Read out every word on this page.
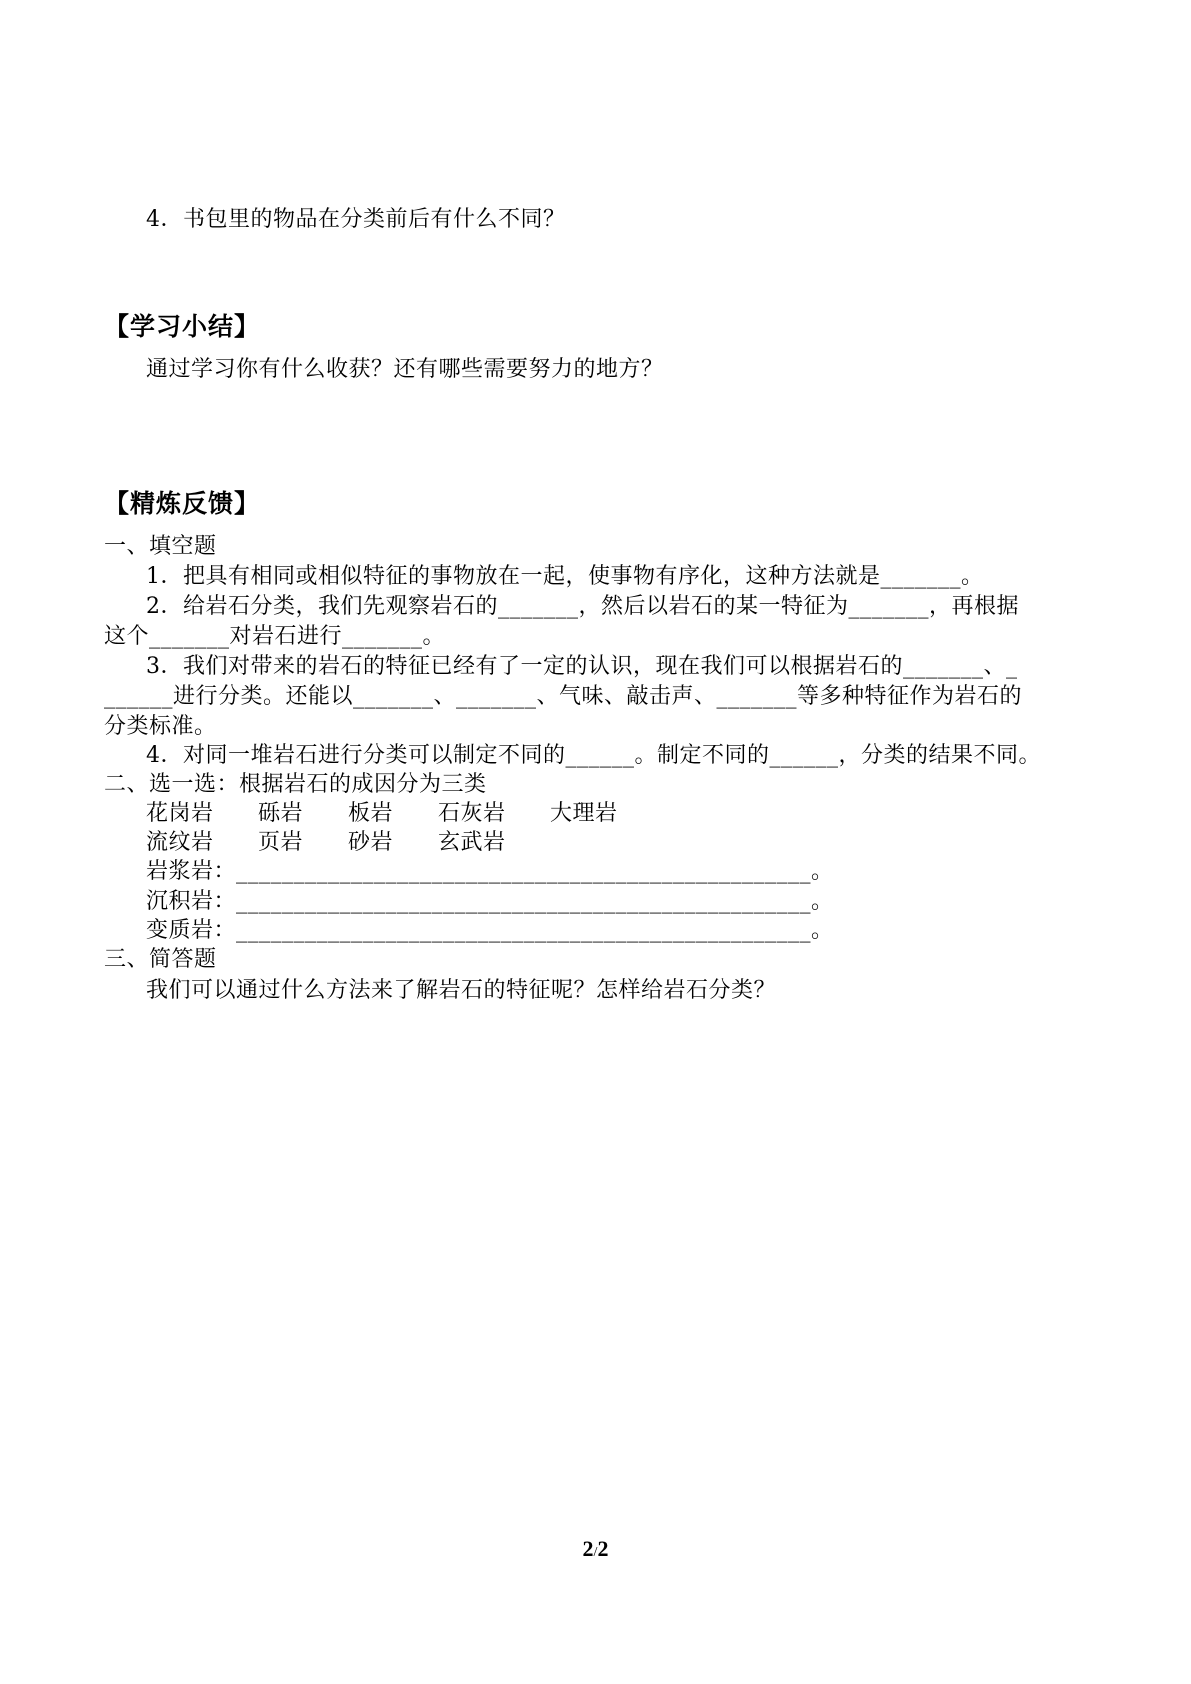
4．书包里的物品在分类前后有什么不同？
【学习小结】
通过学习你有什么收获？还有哪些需要努力的地方？
【精炼反馈】
一、填空题
1．把具有相同或相似特征的事物放在一起，使事物有序化，这种方法就是_______。
2．给岩石分类，我们先观察岩石的_______，然后以岩石的某一特征为_______，再根据
这个_______对岩石进行_______。
3．我们对带来的岩石的特征已经有了一定的认识，现在我们可以根据岩石的_______、_
______进行分类。还能以_______、_______、气味、敲击声、_______等多种特征作为岩石的
分类标准。
4．对同一堆岩石进行分类可以制定不同的______。制定不同的______，分类的结果不同。
二、选一选：根据岩石的成因分为三类
花岗岩 砾岩 板岩 石灰岩 大理岩
流纹岩 页岩 砂岩 玄武岩
岩浆岩：__________________________________________________。
沉积岩：__________________________________________________。
变质岩：__________________________________________________。
三、简答题
我们可以通过什么方法来了解岩石的特征呢？怎样给岩石分类？
2/2
